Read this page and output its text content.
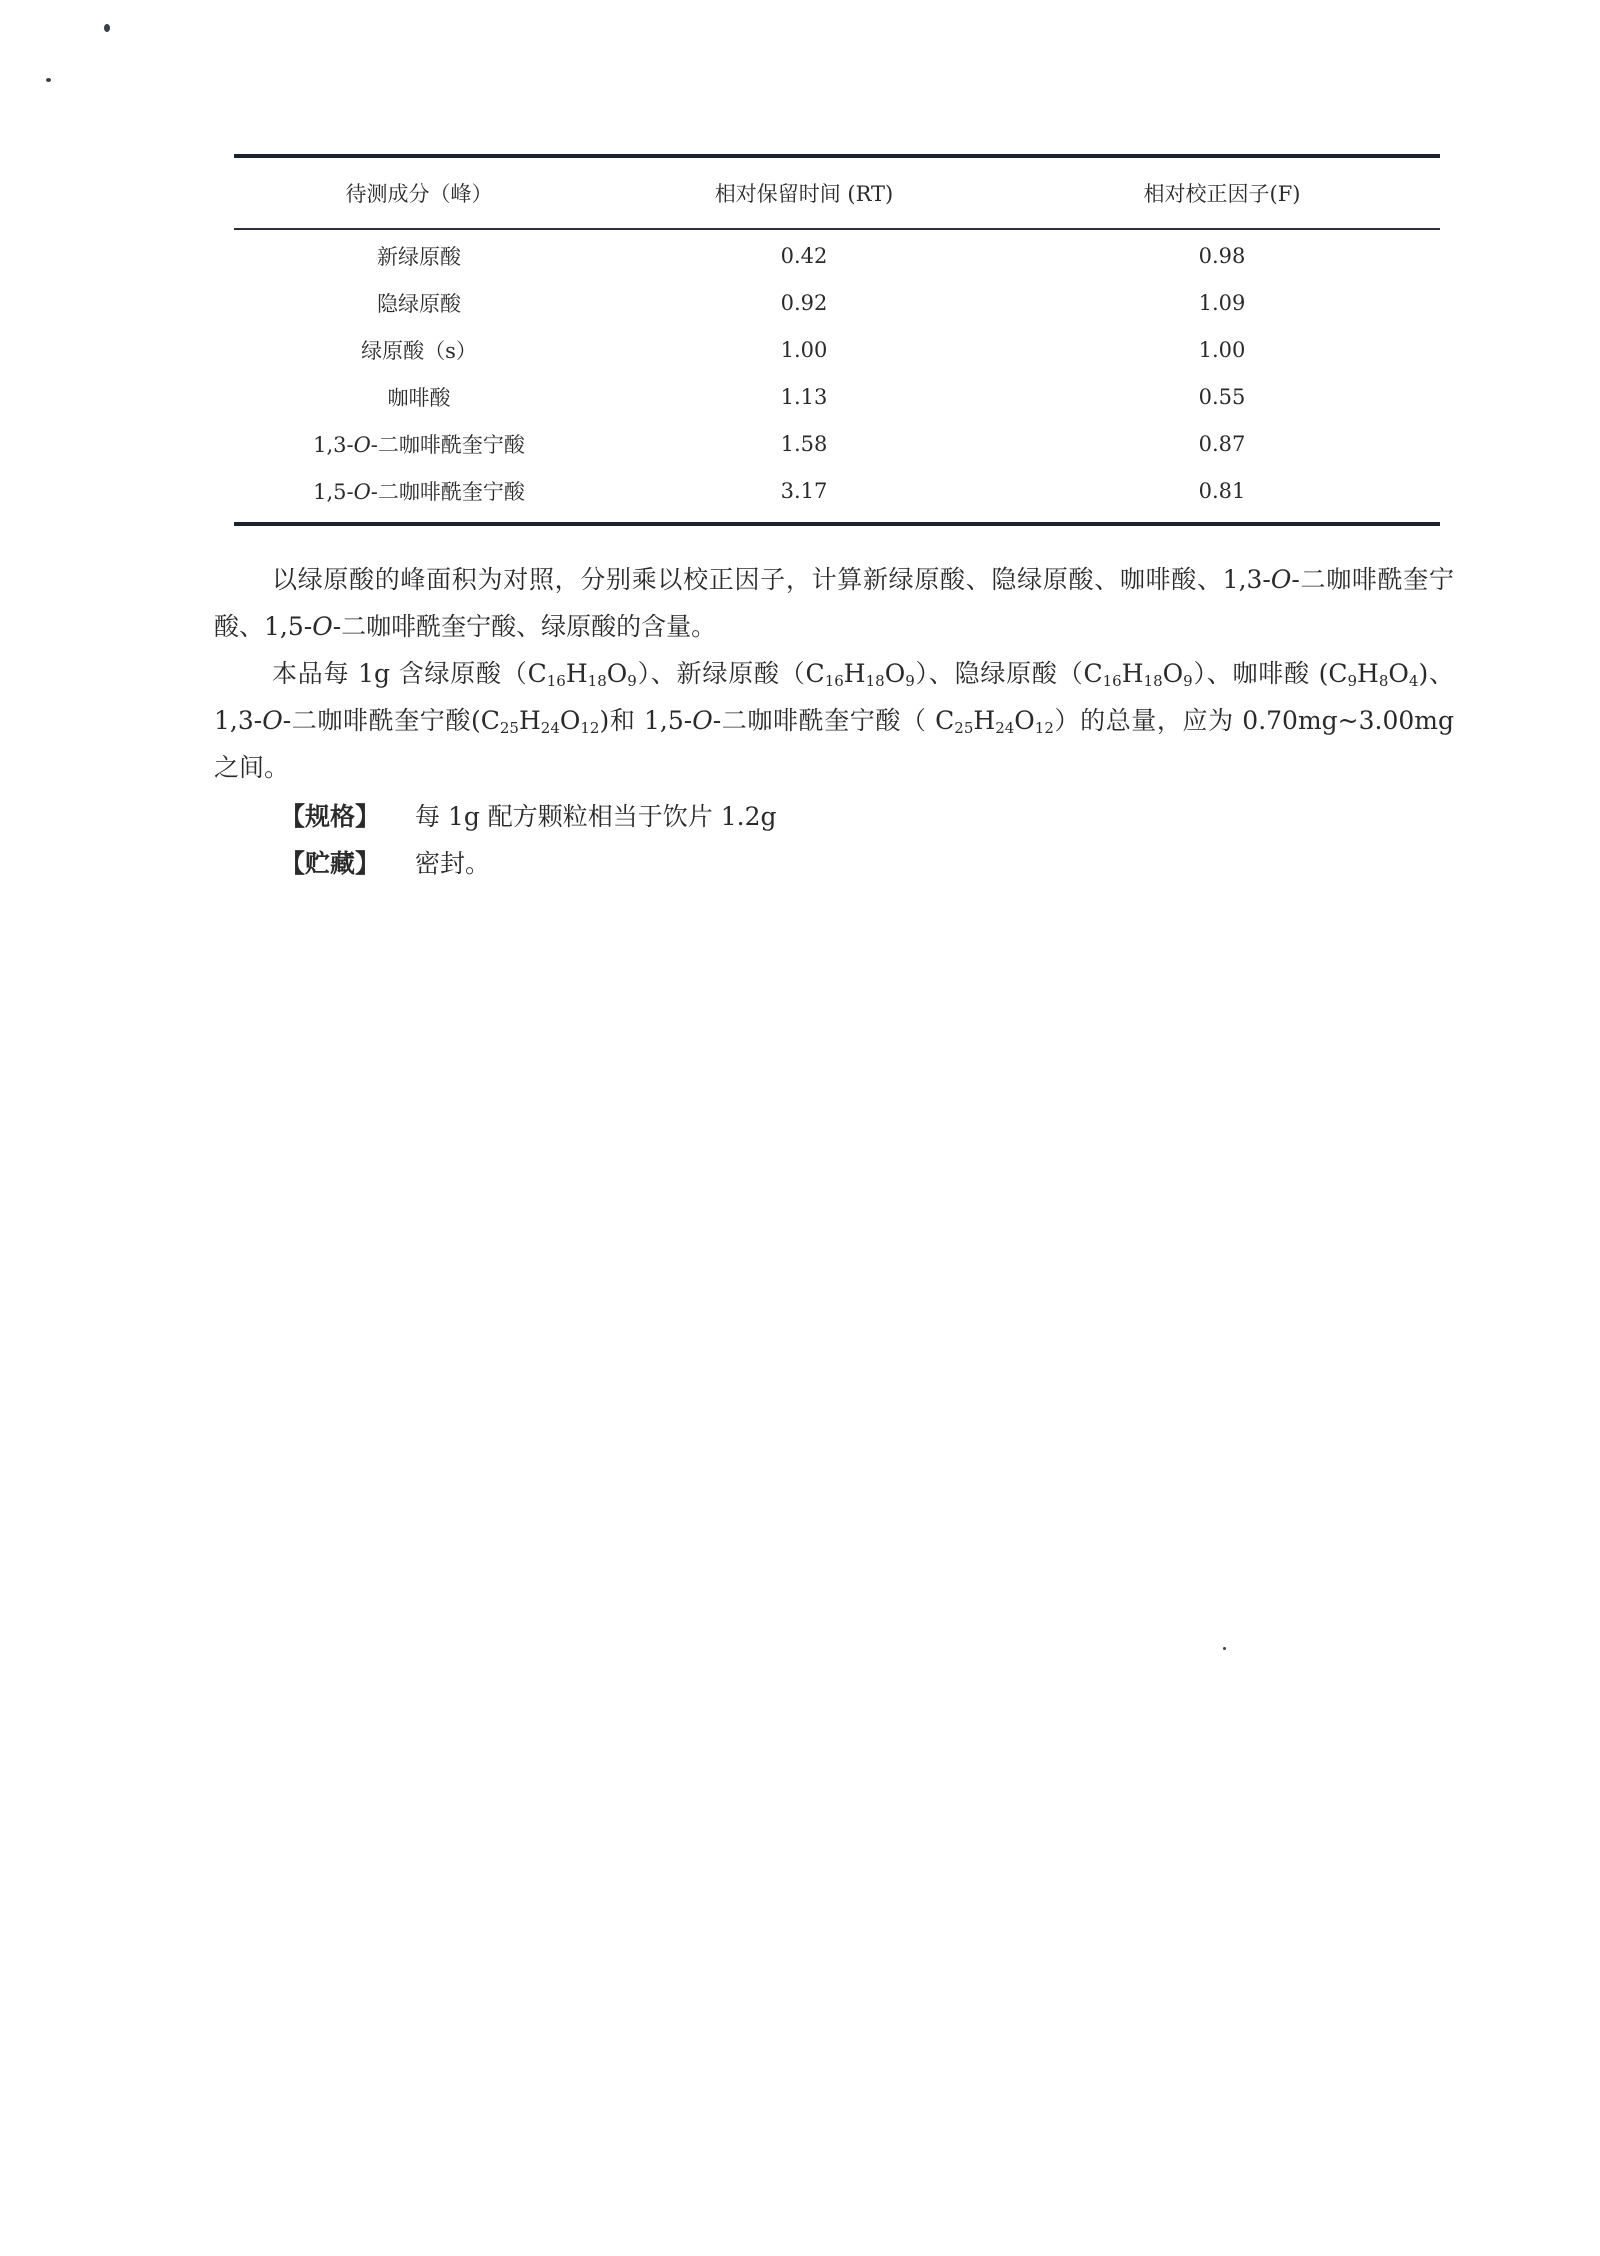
待测成分（峰）	相对保留时间 (RT)	相对校正因子(F)
新绿原酸	0.42	0.98
隐绿原酸	0.92	1.09
绿原酸（s）	1.00	1.00
咖啡酸	1.13	0.55
1,3-O-二咖啡酰奎宁酸	1.58	0.87
1,5-O-二咖啡酰奎宁酸	3.17	0.81

以绿原酸的峰面积为对照，分别乘以校正因子，计算新绿原酸、隐绿原酸、咖啡酸、1,3-O-二咖啡酰奎宁酸、1,5-O-二咖啡酰奎宁酸、绿原酸的含量。

本品每 1g 含绿原酸$(C_{16}H_{18}O_9)$、新绿原酸$(C_{16}H_{18}O_9)$、隐绿原酸$(C_{16}H_{18}O_9)$、咖啡酸 $(C_9H_8O_4)$、1,3-O-二咖啡酰奎宁酸$(C_{25}H_{24}O_{12})$和 1,5-O-二咖啡酰奎宁酸（ $C_{25}H_{24}O_{12}$）的总量，应为 0.70mg~3.00mg 之间。

【规格】	每 1g 配方颗粒相当于饮片 1.2g
【贮藏】	密封。
